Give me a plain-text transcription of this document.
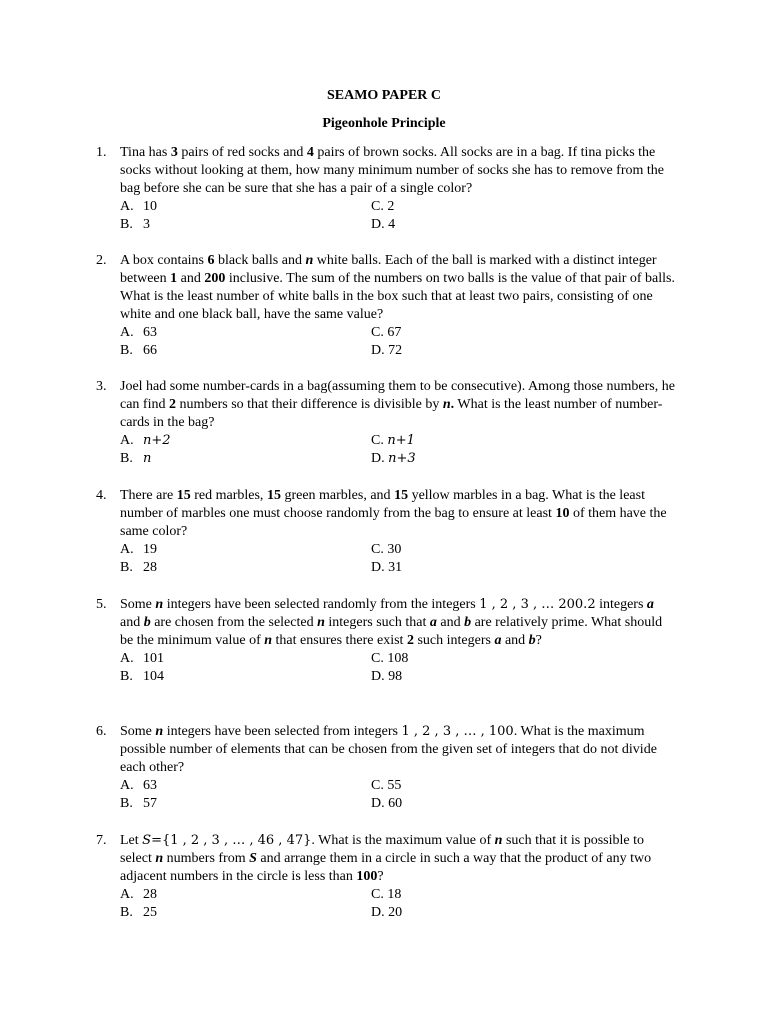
SEAMO PAPER C
Pigeonhole Principle
1. Tina has 3 pairs of red socks and 4 pairs of brown socks. All socks are in a bag. If tina picks the socks without looking at them, how many minimum number of socks she has to remove from the bag before she can be sure that she has a pair of a single color?
A. 10	C. 2
B. 3	D. 4
2. A box contains 6 black balls and n white balls. Each of the ball is marked with a distinct integer between 1 and 200 inclusive. The sum of the numbers on two balls is the value of that pair of balls. What is the least number of white balls in the box such that at least two pairs, consisting of one white and one black ball, have the same value?
A. 63	C. 67
B. 66	D. 72
3. Joel had some number-cards in a bag(assuming them to be consecutive). Among those numbers, he can find 2 numbers so that their difference is divisible by n. What is the least number of number-cards in the bag?
A. n+2	C. n+1
B. n	D. n+3
4. There are 15 red marbles, 15 green marbles, and 15 yellow marbles in a bag. What is the least number of marbles one must choose randomly from the bag to ensure at least 10 of them have the same color?
A. 19	C. 30
B. 28	D. 31
5. Some n integers have been selected randomly from the integers 1 , 2 , 3 , … 200.2 integers a and b are chosen from the selected n integers such that a and b are relatively prime. What should be the minimum value of n that ensures there exist 2 such integers a and b?
A. 101	C. 108
B. 104	D. 98
6. Some n integers have been selected from integers 1 , 2 , 3 , … , 100. What is the maximum possible number of elements that can be chosen from the given set of integers that do not divide each other?
A. 63	C. 55
B. 57	D. 60
7. Let S={1 , 2 , 3 , … , 46 , 47}. What is the maximum value of n such that it is possible to select n numbers from S and arrange them in a circle in such a way that the product of any two adjacent numbers in the circle is less than 100?
A. 28	C. 18
B. 25	D. 20
